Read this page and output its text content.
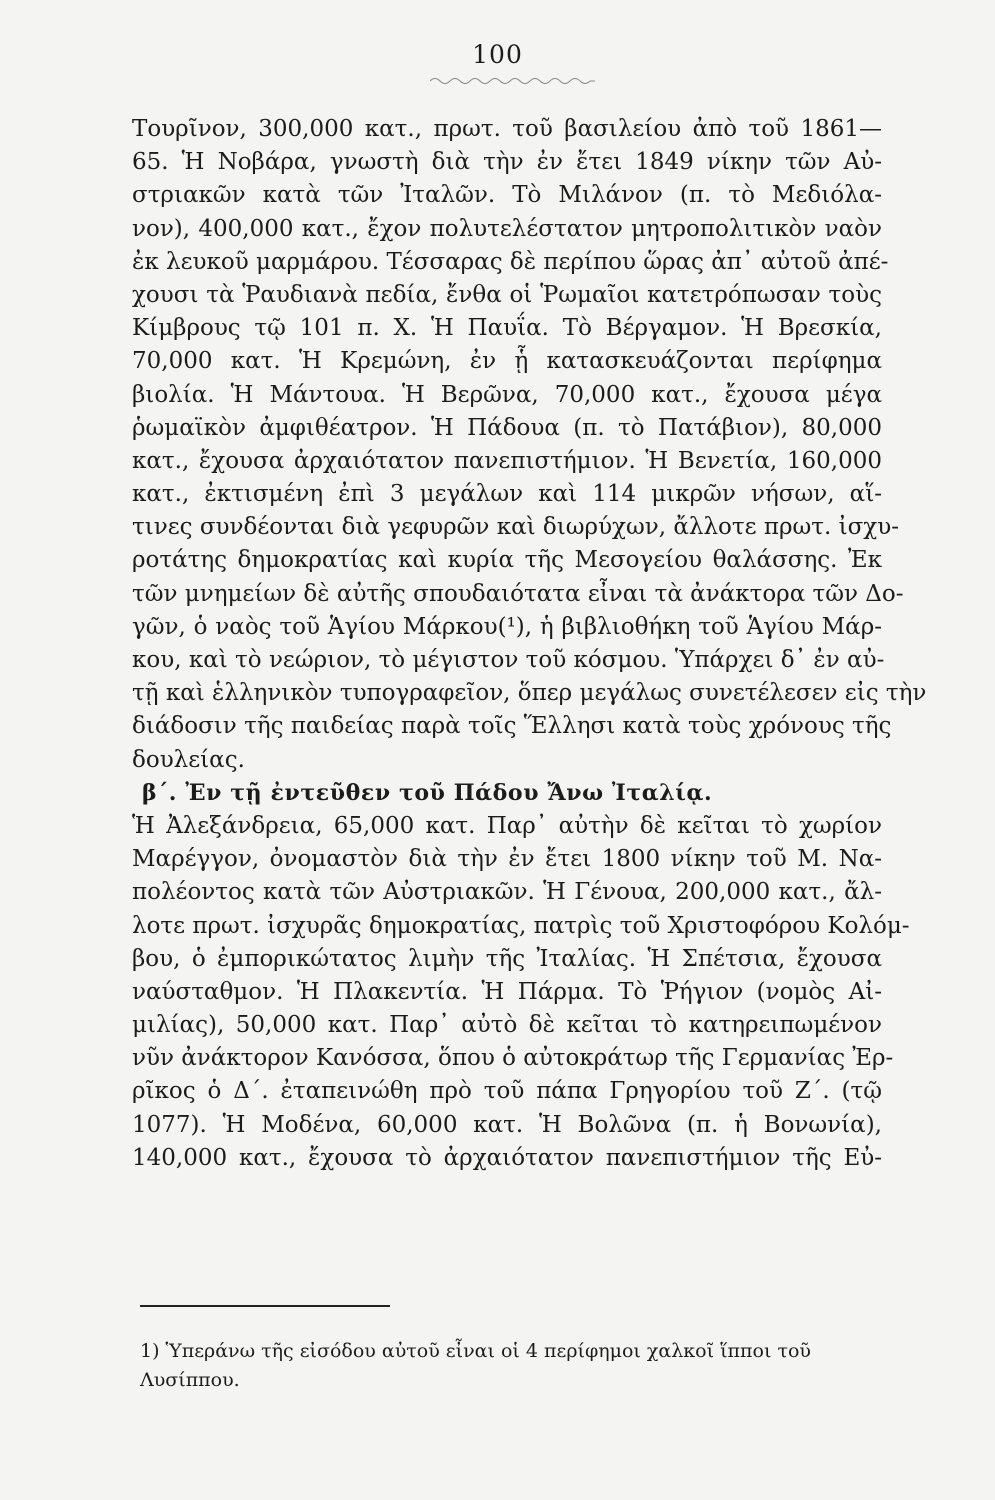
100
Τουρῖνον, 300,000 κατ., πρωτ. τοῦ βασιλείου ἀπὸ τοῦ 1861—
65. Ἡ Νοβάρα, γνωστὴ διὰ τὴν ἐν ἔτει 1849 νίκην τῶν Αὐ-
στριακῶν κατὰ τῶν Ἰταλῶν. Τὸ Μιλάνον (π. τὸ Μεδιόλα-
νον), 400,000 κατ., ἔχον πολυτελέστατον μητροπολιτικὸν ναὸν
ἐκ λευκοῦ μαρμάρου. Τέσσαρας δὲ περίπου ὥρας ἀπ᾽ αὐτοῦ ἀπέ-
χουσι τὰ Ῥαυδιανὰ πεδία, ἔνθα οἱ Ῥωμαῖοι κατετρόπωσαν τοὺς
Κίμβρους τῷ 101 π. Χ. Ἡ Παυΐα. Τὸ Βέργαμον. Ἡ Βρεσκία,
70,000 κατ. Ἡ Κρεμώνη, ἐν ᾗ κατασκευάζονται περίφημα
βιολία. Ἡ Μάντουα. Ἡ Βερῶνα, 70,000 κατ., ἔχουσα μέγα
ῥωμαϊκὸν ἀμφιθέατρον. Ἡ Πάδουα (π. τὸ Πατάβιον), 80,000
κατ., ἔχουσα ἀρχαιότατον πανεπιστήμιον. Ἡ Βενετία, 160,000
κατ., ἐκτισμένη ἐπὶ 3 μεγάλων καὶ 114 μικρῶν νήσων, αἵ-
τινες συνδέονται διὰ γεφυρῶν καὶ διωρύχων, ἄλλοτε πρωτ. ἰσχυ-
ροτάτης δημοκρατίας καὶ κυρία τῆς Μεσογείου θαλάσσης. Ἐκ
τῶν μνημείων δὲ αὐτῆς σπουδαιότατα εἶναι τὰ ἀνάκτορα τῶν Δο-
γῶν, ὁ ναὸς τοῦ Ἁγίου Μάρκου(¹), ἡ βιβλιοθήκη τοῦ Ἁγίου Μάρ-
κου, καὶ τὸ νεώριον, τὸ μέγιστον τοῦ κόσμου. Ὑπάρχει δ᾽ ἐν αὐ-
τῇ καὶ ἑλληνικὸν τυπογραφεῖον, ὅπερ μεγάλως συνετέλεσεν εἰς τὴν
διάδοσιν τῆς παιδείας παρὰ τοῖς Ἕλλησι κατὰ τοὺς χρόνους τῆς
δουλείας.
β΄. Ἐν τῇ ἐντεῦθεν τοῦ Πάδου Ἄνω Ἰταλίᾳ.
Ἡ Ἀλεξάνδρεια, 65,000 κατ. Παρ᾽ αὐτὴν δὲ κεῖται τὸ χωρίον
Μαρέγγον, ὀνομαστὸν διὰ τὴν ἐν ἔτει 1800 νίκην τοῦ Μ. Να-
πολέοντος κατὰ τῶν Αὐστριακῶν. Ἡ Γένουα, 200,000 κατ., ἄλ-
λοτε πρωτ. ἰσχυρᾶς δημοκρατίας, πατρὶς τοῦ Χριστοφόρου Κολόμ-
βου, ὁ ἐμπορικώτατος λιμὴν τῆς Ἰταλίας. Ἡ Σπέτσια, ἔχουσα
ναύσταθμον. Ἡ Πλακεντία. Ἡ Πάρμα. Τὸ Ῥήγιον (νομὸς Αἰ-
μιλίας), 50,000 κατ. Παρ᾽ αὐτὸ δὲ κεῖται τὸ κατηρειπωμένον
νῦν ἀνάκτορον Κανόσσα, ὅπου ὁ αὐτοκράτωρ τῆς Γερμανίας Ἐρ-
ρῖκος ὁ Δ΄. ἐταπεινώθη πρὸ τοῦ πάπα Γρηγορίου τοῦ Ζ΄. (τῷ
1077). Ἡ Μοδένα, 60,000 κατ. Ἡ Βολῶνα (π. ἡ Βονωνία),
140,000 κατ., ἔχουσα τὸ ἀρχαιότατον πανεπιστήμιον τῆς Εὐ-
1) Ὑπεράνω τῆς εἰσόδου αὐτοῦ εἶναι οἱ 4 περίφημοι χαλκοῖ ἵπποι τοῦ
Λυσίππου.
